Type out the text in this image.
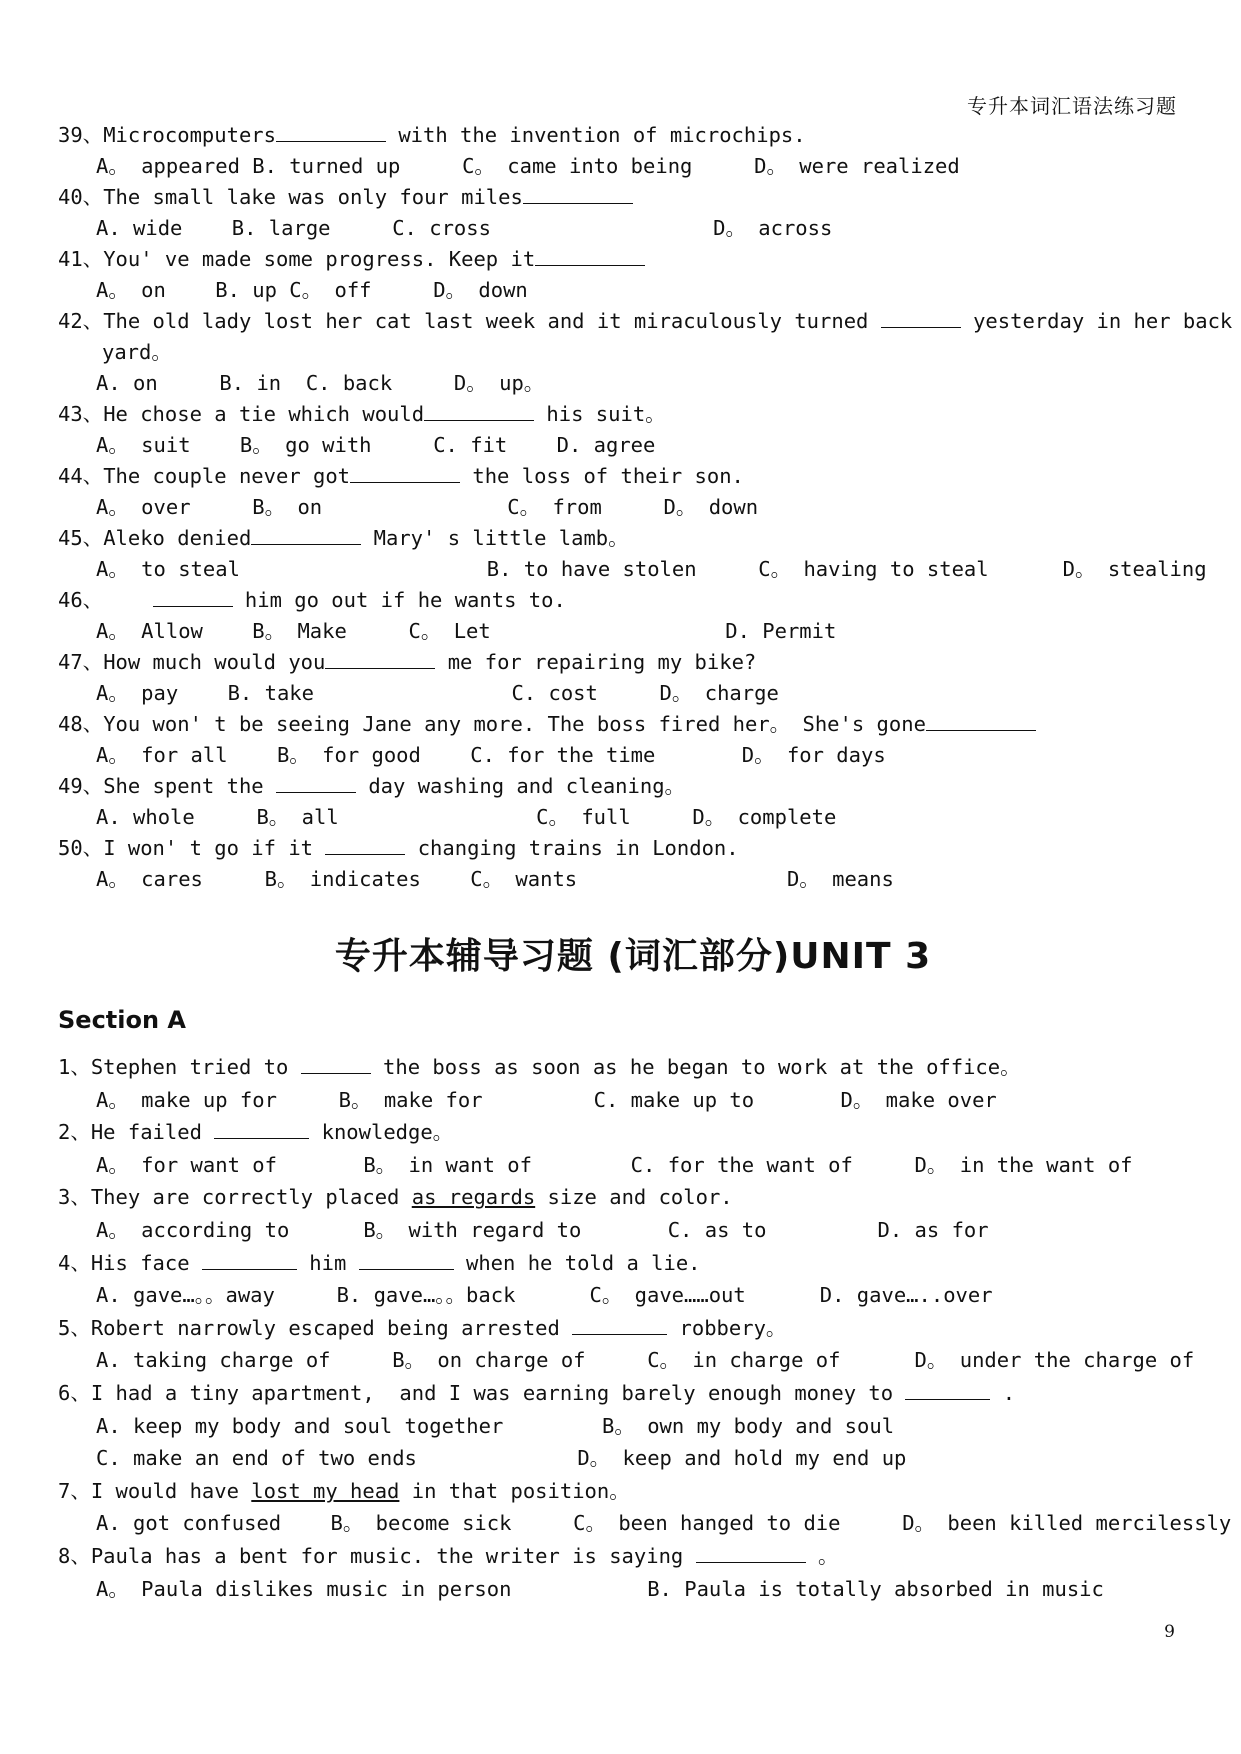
专升本词汇语法练习题
39、Microcomputers	with the invention of microchips.
A。 appeared B. turned up     C。 came into being     D。 were realized
40、The small lake was only four miles
A. wide    B. large     C. cross                  D。 across
41、You' ve made some progress. Keep it
A。 on    B. up C。 off     D。 down
42、The old lady lost her cat last week and it miraculously turned	yesterday in her back
yard。
A. on     B. in  C. back     D。 up。
43、He chose a tie which would	his suit。
A。 suit    B。 go with     C. fit    D. agree
44、The couple never got	the loss of their son.
A。 over     B。 on               C。 from     D。 down
45、Aleko denied	Mary' s little lamb。
A。 to steal                    B. to have stolen     C。 having to steal      D。 stealing
46、	him go out if he wants to.
A。 Allow    B。 Make     C。 Let                   D. Permit
47、How much would you	me for repairing my bike?
A。 pay    B. take                C. cost     D。 charge
48、You won' t be seeing Jane any more. The boss fired her。 She's gone
A。 for all    B。 for good    C. for the time       D。 for days
49、She spent the	day washing and cleaning。
A. whole     B。 all                C。 full     D。 complete
50、I won' t go if it	changing trains in London.
A。 cares     B。 indicates    C。 wants                 D。 means
专升本辅导习题 (词汇部分)UNIT 3
Section A
1、Stephen tried to	the boss as soon as he began to work at the office。
A。 make up for     B。 make for         C. make up to       D。 make over
2、He failed	knowledge。
A。 for want of       B。 in want of        C. for the want of     D。 in the want of
3、They are correctly placed as regards size and color.
A。 according to      B。 with regard to       C. as to         D. as for
4、His face	him	when he told a lie.
A. gave…。。away     B. gave…。。back      C。 gave……out      D. gave…..over
5、Robert narrowly escaped being arrested	robbery。
A. taking charge of     B。 on charge of     C。 in charge of      D。 under the charge of
6、I had a tiny apartment,  and I was earning barely enough money to	.
A. keep my body and soul together        B。 own my body and soul
C. make an end of two ends             D。 keep and hold my end up
7、I would have lost my head in that position。
A. got confused    B。 become sick     C。 been hanged to die     D。 been killed mercilessly
8、Paula has a bent for music. the writer is saying	。
A。 Paula dislikes music in person           B. Paula is totally absorbed in music
9
